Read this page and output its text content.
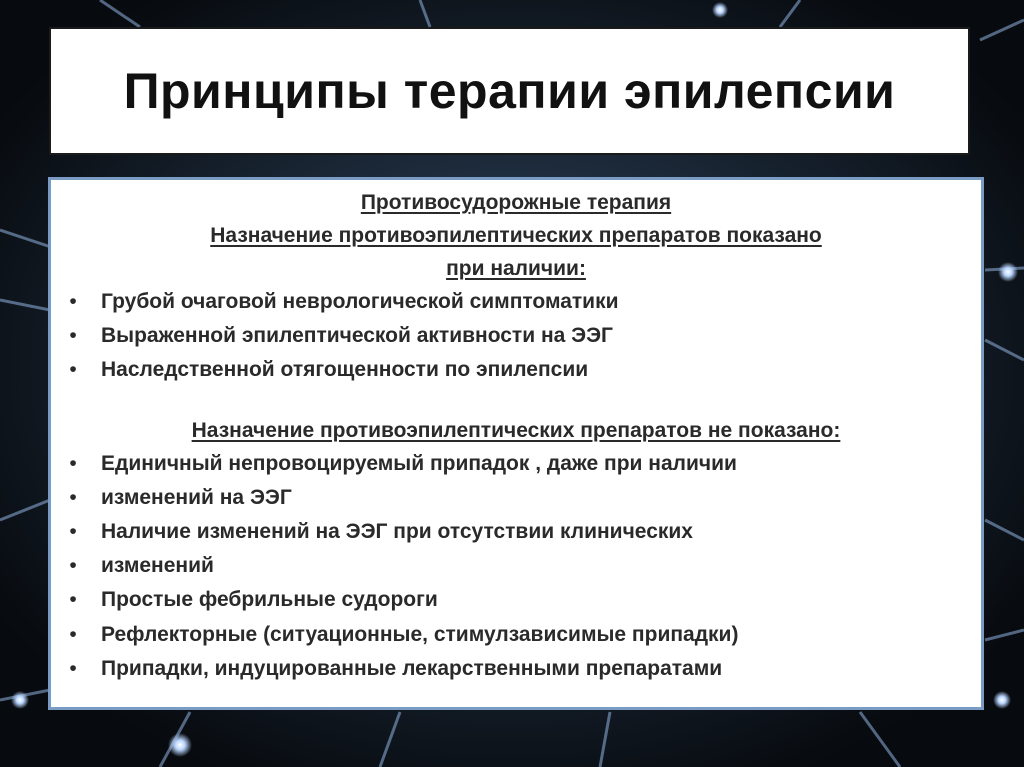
Принципы терапии эпилепсии
Противосудорожные терапия
Назначение противоэпилептических препаратов показано
при наличии:
•	Грубой очаговой неврологической симптоматики
•	Выраженной эпилептической активности на ЭЭГ
•	Наследственной отягощенности по эпилепсии
Назначение противоэпилептических препаратов не показано:
•	Единичный непровоцируемый припадок , даже при наличии
•	изменений на ЭЭГ
•	Наличие изменений на ЭЭГ при отсутствии клинических
•	изменений
•	Простые фебрильные судороги
•	Рефлекторные (ситуационные, стимулзависимые припадки)
•	Припадки, индуцированные лекарственными препаратами
